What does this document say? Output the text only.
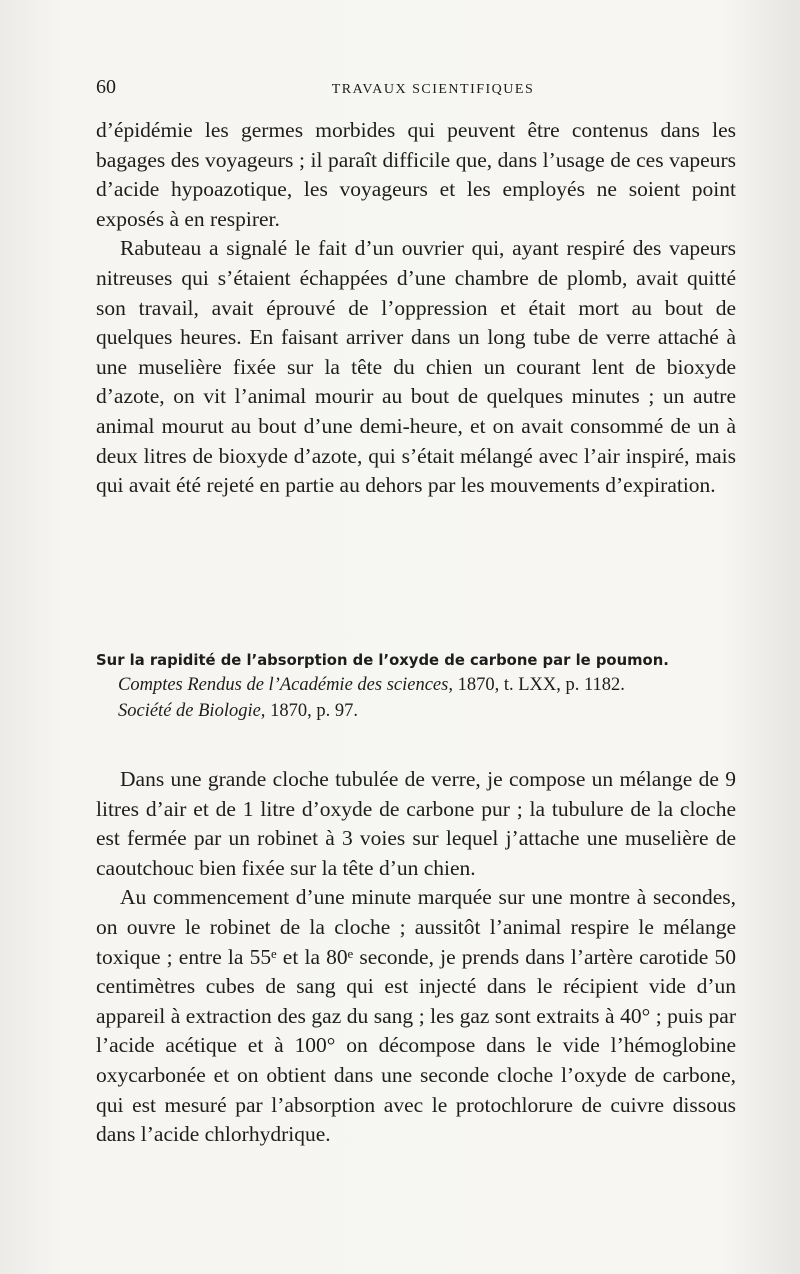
60	TRAVAUX SCIENTIFIQUES

d’épidémie les germes morbides qui peuvent être contenus dans les bagages des voyageurs ; il paraît difficile que, dans l’usage de ces vapeurs d’acide hypoazotique, les voyageurs et les employés ne soient point exposés à en respirer.

Rabuteau a signalé le fait d’un ouvrier qui, ayant respiré des vapeurs nitreuses qui s’étaient échappées d’une chambre de plomb, avait quitté son travail, avait éprouvé de l’oppression et était mort au bout de quelques heures. En faisant arriver dans un long tube de verre attaché à une muselière fixée sur la tête du chien un courant lent de bioxyde d’azote, on vit l’animal mourir au bout de quelques minutes ; un autre animal mourut au bout d’une demi-heure, et on avait consommé de un à deux litres de bioxyde d’azote, qui s’était mélangé avec l’air inspiré, mais qui avait été rejeté en partie au dehors par les mouvements d’expiration.

Sur la rapidité de l’absorption de l’oxyde de carbone par le poumon.

Comptes Rendus de l’Académie des sciences, 1870, t. LXX, p. 1182.

Société de Biologie, 1870, p. 97.

Dans une grande cloche tubulée de verre, je compose un mélange de 9 litres d’air et de 1 litre d’oxyde de carbone pur ; la tubulure de la cloche est fermée par un robinet à 3 voies sur lequel j’attache une muselière de caoutchouc bien fixée sur la tête d’un chien.

Au commencement d’une minute marquée sur une montre à secondes, on ouvre le robinet de la cloche ; aussitôt l’animal respire le mélange toxique ; entre la 55ᵉ et la 80ᵉ seconde, je prends dans l’artère carotide 50 centimètres cubes de sang qui est injecté dans le récipient vide d’un appareil à extraction des gaz du sang ; les gaz sont extraits à 40° ; puis par l’acide acétique et à 100° on décompose dans le vide l’hémoglobine oxycarbonée et on obtient dans une seconde cloche l’oxyde de carbone, qui est mesuré par l’absorption avec le protochlorure de cuivre dissous dans l’acide chlorhydrique.
